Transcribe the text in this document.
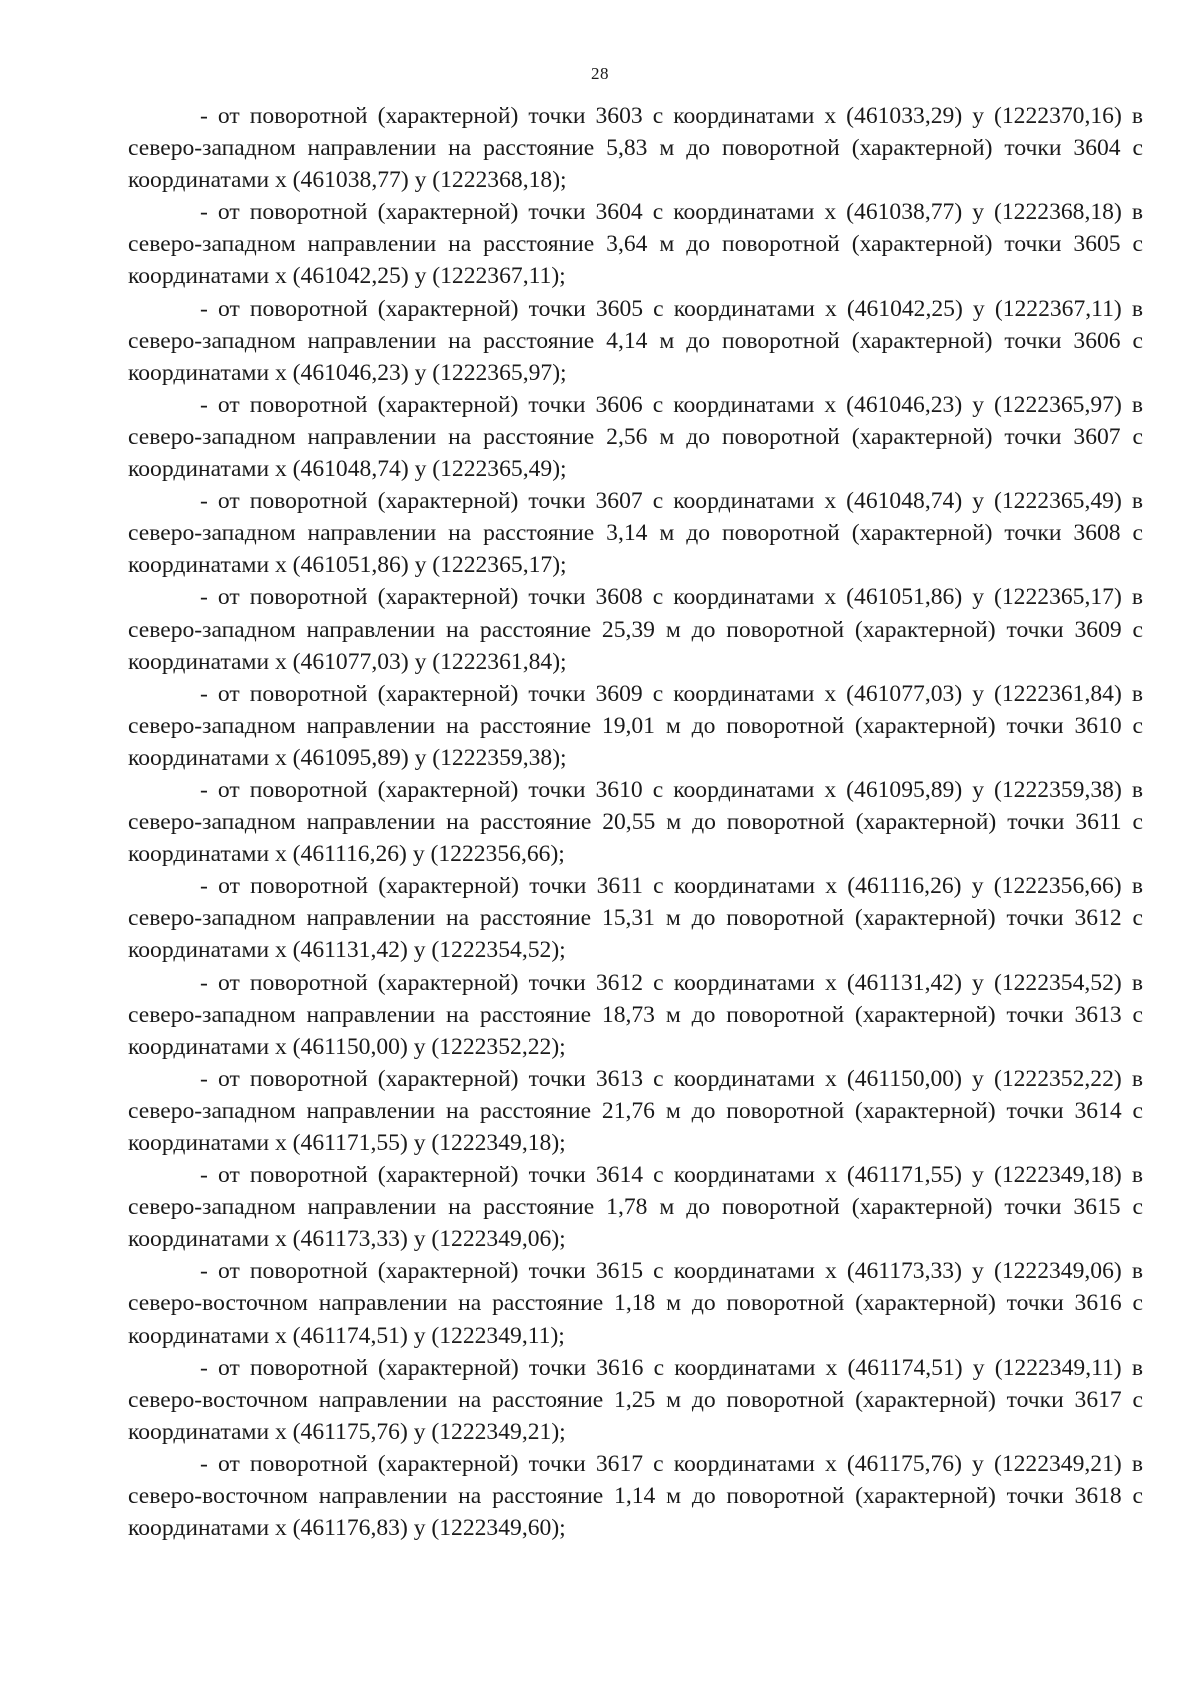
28

- от поворотной (характерной) точки 3603 с координатами х (461033,29) у (1222370,16) в северо-западном направлении на расстояние 5,83 м до поворотной (характерной) точки 3604 с координатами х (461038,77) у (1222368,18);

- от поворотной (характерной) точки 3604 с координатами х (461038,77) у (1222368,18) в северо-западном направлении на расстояние 3,64 м до поворотной (характерной) точки 3605 с координатами х (461042,25) у (1222367,11);

- от поворотной (характерной) точки 3605 с координатами х (461042,25) у (1222367,11) в северо-западном направлении на расстояние 4,14 м до поворотной (характерной) точки 3606 с координатами х (461046,23) у (1222365,97);

- от поворотной (характерной) точки 3606 с координатами х (461046,23) у (1222365,97) в северо-западном направлении на расстояние 2,56 м до поворотной (характерной) точки 3607 с координатами х (461048,74) у (1222365,49);

- от поворотной (характерной) точки 3607 с координатами х (461048,74) у (1222365,49) в северо-западном направлении на расстояние 3,14 м до поворотной (характерной) точки 3608 с координатами х (461051,86) у (1222365,17);

- от поворотной (характерной) точки 3608 с координатами х (461051,86) у (1222365,17) в северо-западном направлении на расстояние 25,39 м до поворотной (характерной) точки 3609 с координатами х (461077,03) у (1222361,84);

- от поворотной (характерной) точки 3609 с координатами х (461077,03) у (1222361,84) в северо-западном направлении на расстояние 19,01 м до поворотной (характерной) точки 3610 с координатами х (461095,89) у (1222359,38);

- от поворотной (характерной) точки 3610 с координатами х (461095,89) у (1222359,38) в северо-западном направлении на расстояние 20,55 м до поворотной (характерной) точки 3611 с координатами х (461116,26) у (1222356,66);

- от поворотной (характерной) точки 3611 с координатами х (461116,26) у (1222356,66) в северо-западном направлении на расстояние 15,31 м до поворотной (характерной) точки 3612 с координатами х (461131,42) у (1222354,52);

- от поворотной (характерной) точки 3612 с координатами х (461131,42) у (1222354,52) в северо-западном направлении на расстояние 18,73 м до поворотной (характерной) точки 3613 с координатами х (461150,00) у (1222352,22);

- от поворотной (характерной) точки 3613 с координатами х (461150,00) у (1222352,22) в северо-западном направлении на расстояние 21,76 м до поворотной (характерной) точки 3614 с координатами х (461171,55) у (1222349,18);

- от поворотной (характерной) точки 3614 с координатами х (461171,55) у (1222349,18) в северо-западном направлении на расстояние 1,78 м до поворотной (характерной) точки 3615 с координатами х (461173,33) у (1222349,06);

- от поворотной (характерной) точки 3615 с координатами х (461173,33) у (1222349,06) в северо-восточном направлении на расстояние 1,18 м до поворотной (характерной) точки 3616 с координатами х (461174,51) у (1222349,11);

- от поворотной (характерной) точки 3616 с координатами х (461174,51) у (1222349,11) в северо-восточном направлении на расстояние 1,25 м до поворотной (характерной) точки 3617 с координатами х (461175,76) у (1222349,21);

- от поворотной (характерной) точки 3617 с координатами х (461175,76) у (1222349,21) в северо-восточном направлении на расстояние 1,14 м до поворотной (характерной) точки 3618 с координатами х (461176,83) у (1222349,60);
